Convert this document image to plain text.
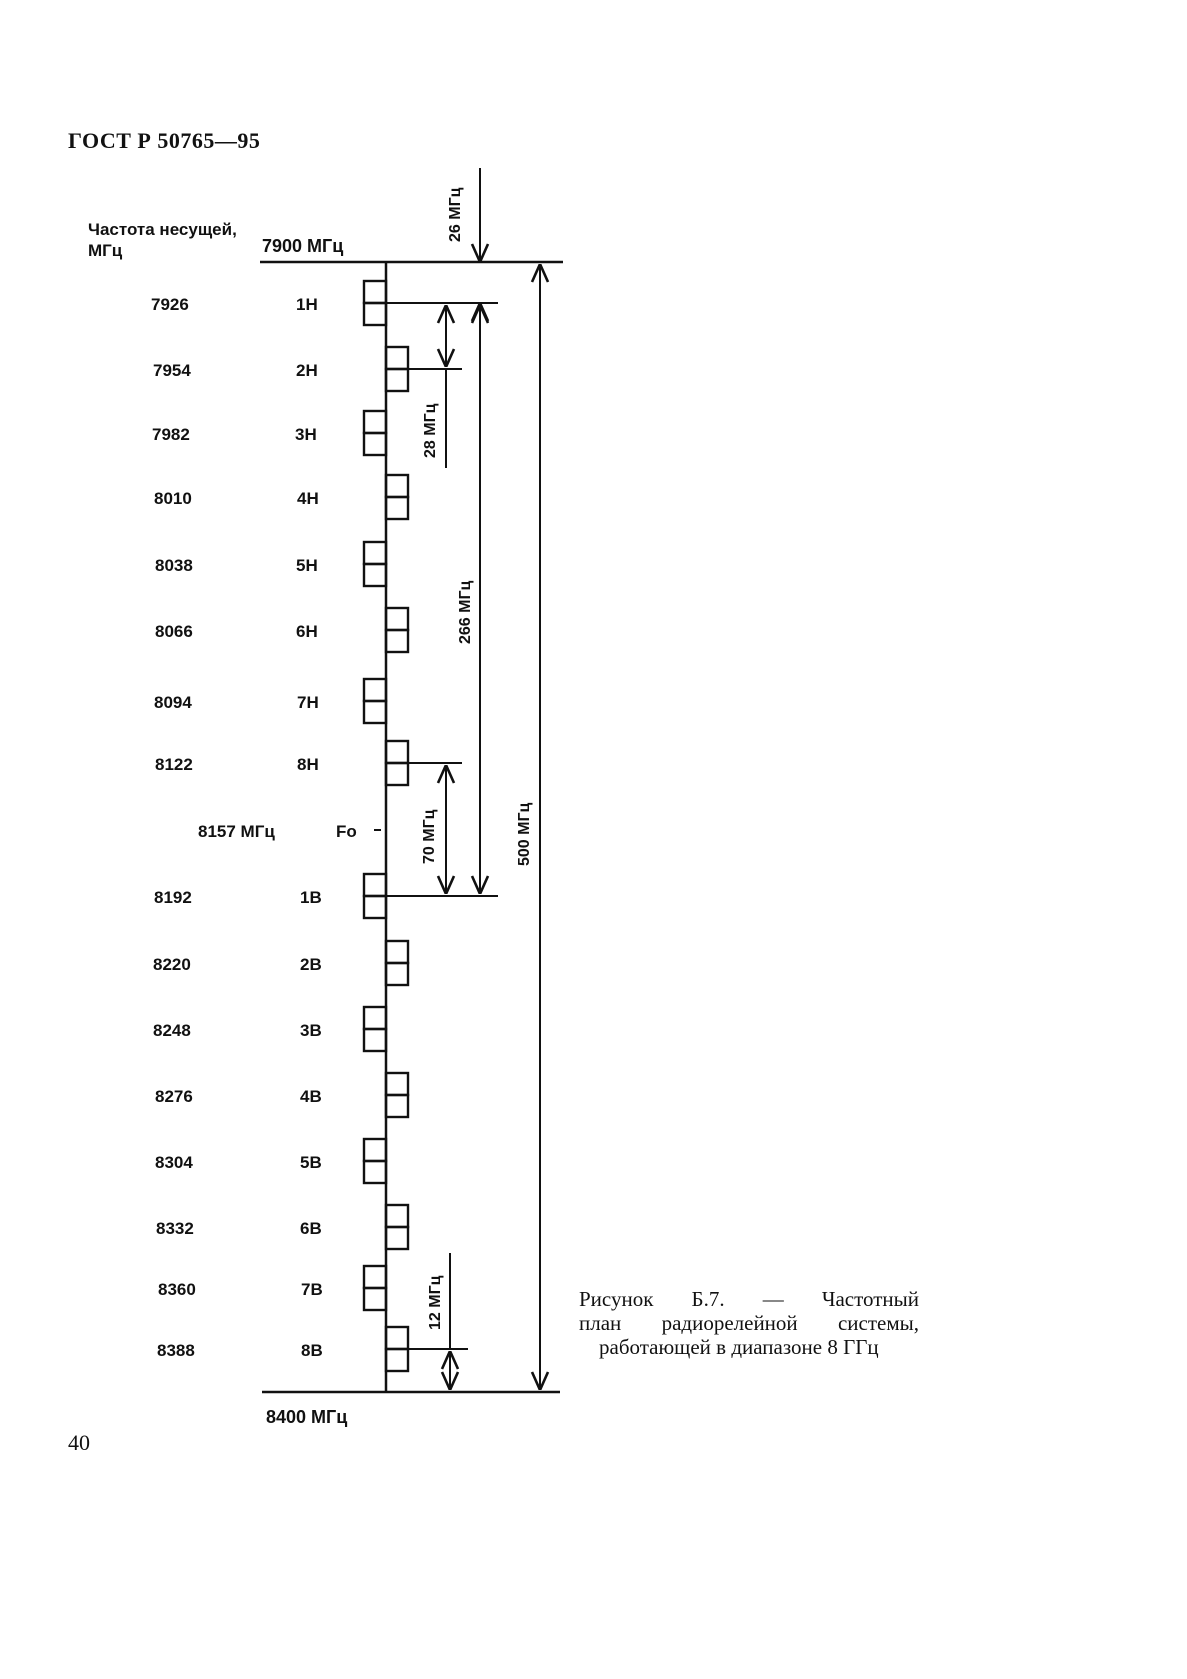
ГОСТ Р 50765—95
Частота несущей,
МГц	7900 МГц
8400 МГц
7926	1Н
7954	2Н
7982	3Н
8010	4Н
8038	5Н
8066	6Н
8094	7Н
8122	8Н
8192	1В
8220	2В
8248	3В
8276	4В
8304	5В
8332	6В
8360	7В
8388	8В
8157 МГц	Fo
26 МГц
28 МГц
266 МГц
70 МГц	500 МГц
12 МГц	Рисунок Б.7. — Частотный
план радиорелейной системы,
работающей в диапазоне 8 ГГц
40
